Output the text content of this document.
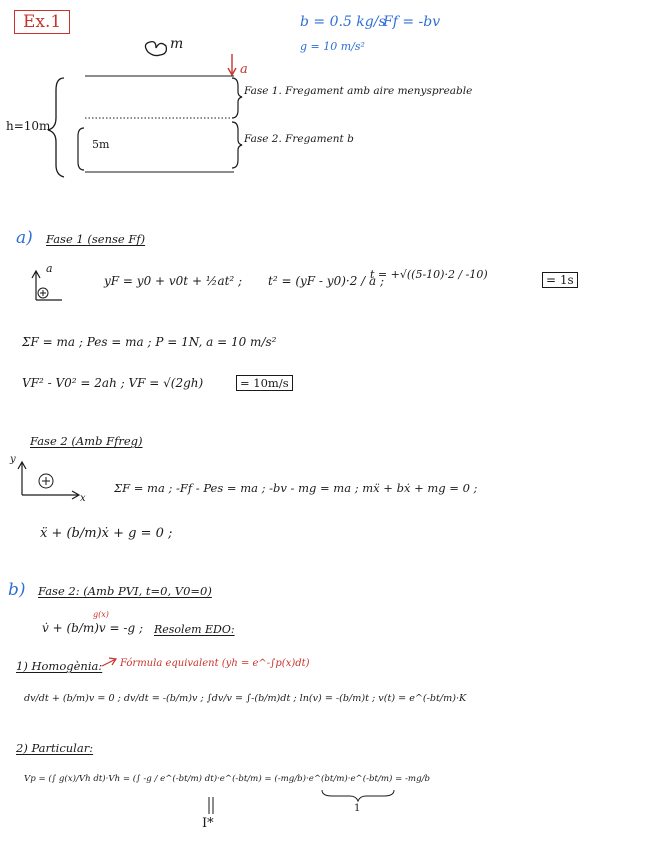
Ex.1	b = 0.5 kg/s
Ff = -bv
g = 10 m/s²
m
a
h=10m
5m
Fase 1. Fregament amb aire menyspreable
Fase 2. Fregament b
a) Fase 1 (sense Ff)
a
yF = y0 + v0t + ½at² ; t² = (yF - y0)·2 / a ;
t = +√((5-10)·2 / -10)	= 1s
ΣF = ma ; Pes = ma ; P = 1N, a = 10 m/s²
VF² - V0² = 2ah ; VF = √(2gh)	= 10m/s
Fase 2 (Amb Ffreg)
y
x
ΣF = ma ; -Ff - Pes = ma ; -bv - mg = ma ; mẍ + bẋ + mg = 0 ;
ẍ + (b/m)ẋ + g = 0 ;
b) Fase 2: (Amb PVI, t=0, V0=0)
g(x)
v̇ + (b/m)v = -g ; Resolem EDO:
1) Homogènia: Fórmula equivalent (yh = e^-∫p(x)dt)
dv/dt + (b/m)v = 0 ; dv/dt = -(b/m)v ; ∫dv/v = ∫-(b/m)dt ; ln(v) = -(b/m)t ; v(t) = e^(-bt/m)·K
2) Particular:
Vp = (∫ g(x)/Vh dt)·Vh = (∫ -g / e^(-bt/m) dt)·e^(-bt/m) = (-mg/b)·e^(bt/m)·e^(-bt/m) = -mg/b
1
I*
